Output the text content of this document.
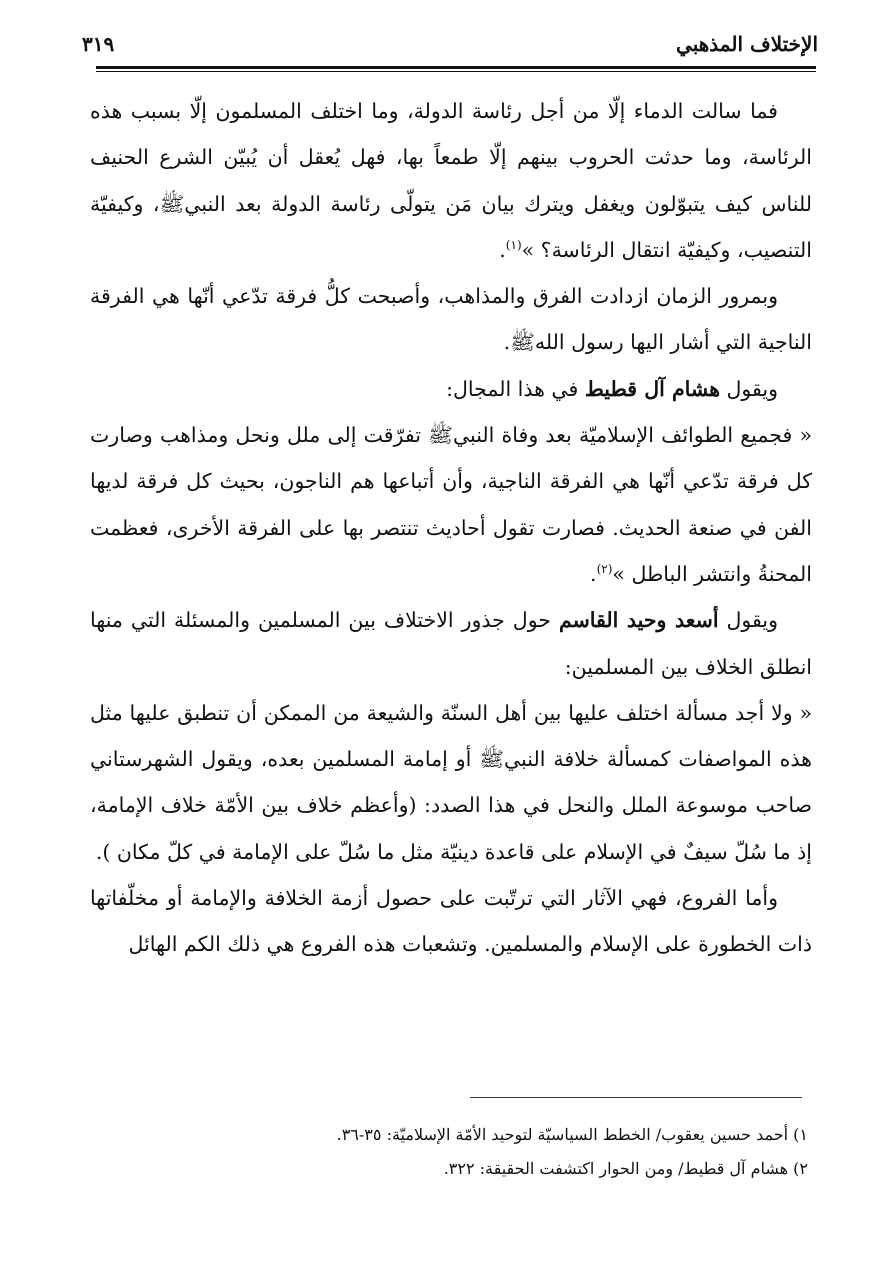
الإختلاف المذهبي
٣١٩

فما سالت الدماء إلّا من أجل رئاسة الدولة، وما اختلف المسلمون إلّا بسبب هذه الرئاسة، وما حدثت الحروب بينهم إلّا طمعاً بها، فهل يُعقل أن يُبيّن الشرع الحنيف للناس كيف يتبوّلون ويغفل ويترك بيان مَن يتولّى رئاسة الدولة بعد النبيﷺ، وكيفيّة التنصيب، وكيفيّة انتقال الرئاسة؟ »$^{(١)}$.

وبمرور الزمان ازدادت الفرق والمذاهب، وأصبحت كلُّ فرقة تدّعي أنّها هي الفرقة الناجية التي أشار اليها رسول اللهﷺ.

ويقول هشام آل قطيط في هذا المجال:

« فجميع الطوائف الإسلاميّة بعد وفاة النبيﷺ تفرّقت إلى ملل ونحل ومذاهب وصارت كل فرقة تدّعي أنّها هي الفرقة الناجية، وأن أتباعها هم الناجون، بحيث كل فرقة لديها الفن في صنعة الحديث. فصارت تقول أحاديث تنتصر بها على الفرقة الأخرى، فعظمت المحنةُ وانتشر الباطل »$^{(٢)}$.

ويقول أسعد وحيد القاسم حول جذور الاختلاف بين المسلمين والمسئلة التي منها انطلق الخلاف بين المسلمين:

« ولا أجد مسألة اختلف عليها بين أهل السنّة والشيعة من الممكن أن تنطبق عليها مثل هذه المواصفات كمسألة خلافة النبيﷺ أو إمامة المسلمين بعده، ويقول الشهرستاني صاحب موسوعة الملل والنحل في هذا الصدد: (وأعظم خلاف بين الأمّة خلاف الإمامة، إذ ما سُلّ سيفٌ في الإسلام على قاعدة دينيّة مثل ما سُلّ على الإمامة في كلّ مكان ).

وأما الفروع، فهي الآثار التي ترتّبت على حصول أزمة الخلافة والإمامة أو مخلّفاتها ذات الخطورة على الإسلام والمسلمين. وتشعبات هذه الفروع هي ذلك الكم الهائل

١) أحمد حسين يعقوب/ الخطط السياسيّة لتوحيد الأمّة الإسلاميّة: ٣٥-٣٦.

٢) هشام آل قطيط/ ومن الحوار اكتشفت الحقيقة: ٣٢٢.
